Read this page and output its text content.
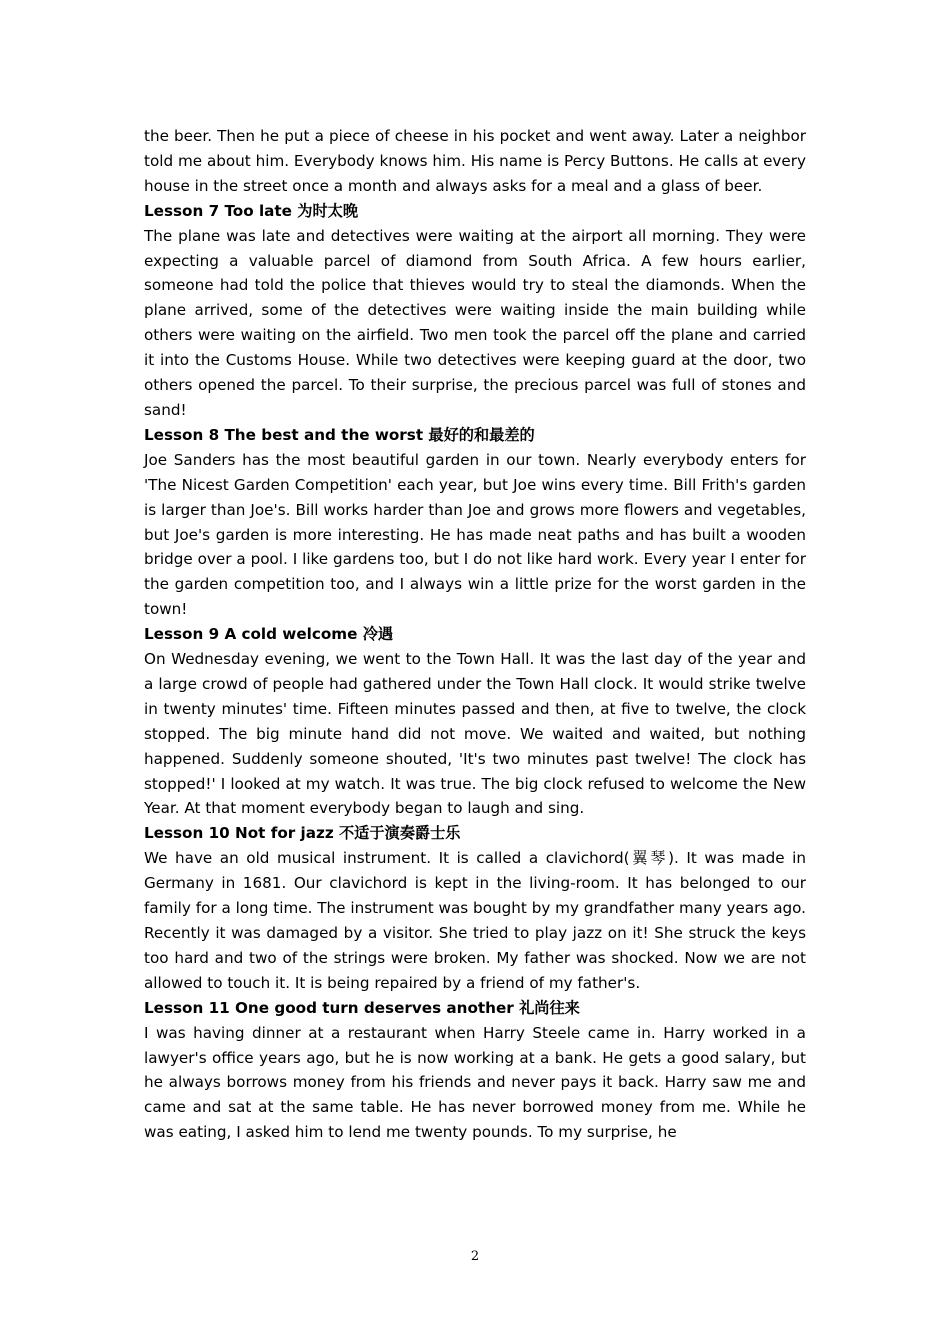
the beer. Then he put a piece of cheese in his pocket and went away. Later a neighbor told me about him. Everybody knows him. His name is Percy Buttons. He calls at every house in the street once a month and always asks for a meal and a glass of beer.

Lesson 7 Too late 为时太晚

The plane was late and detectives were waiting at the airport all morning. They were expecting a valuable parcel of diamond from South Africa. A few hours earlier, someone had told the police that thieves would try to steal the diamonds. When the plane arrived, some of the detectives were waiting inside the main building while others were waiting on the airfield. Two men took the parcel off the plane and carried it into the Customs House. While two detectives were keeping guard at the door, two others opened the parcel. To their surprise, the precious parcel was full of stones and sand!

Lesson 8 The best and the worst 最好的和最差的

Joe Sanders has the most beautiful garden in our town. Nearly everybody enters for 'The Nicest Garden Competition' each year, but Joe wins every time. Bill Frith's garden is larger than Joe's. Bill works harder than Joe and grows more flowers and vegetables, but Joe's garden is more interesting. He has made neat paths and has built a wooden bridge over a pool. I like gardens too, but I do not like hard work. Every year I enter for the garden competition too, and I always win a little prize for the worst garden in the town!

Lesson 9 A cold welcome 冷遇

On Wednesday evening, we went to the Town Hall. It was the last day of the year and a large crowd of people had gathered under the Town Hall clock. It would strike twelve in twenty minutes' time. Fifteen minutes passed and then, at five to twelve, the clock stopped. The big minute hand did not move. We waited and waited, but nothing happened. Suddenly someone shouted, 'It's two minutes past twelve! The clock has stopped!' I looked at my watch. It was true. The big clock refused to welcome the New Year. At that moment everybody began to laugh and sing.

Lesson 10 Not for jazz 不适于演奏爵士乐

We have an old musical instrument. It is called a clavichord(翼琴). It was made in Germany in 1681. Our clavichord is kept in the living-room. It has belonged to our family for a long time. The instrument was bought by my grandfather many years ago. Recently it was damaged by a visitor. She tried to play jazz on it! She struck the keys too hard and two of the strings were broken. My father was shocked. Now we are not allowed to touch it. It is being repaired by a friend of my father's.

Lesson 11 One good turn deserves another 礼尚往来

I was having dinner at a restaurant when Harry Steele came in. Harry worked in a lawyer's office years ago, but he is now working at a bank. He gets a good salary, but he always borrows money from his friends and never pays it back. Harry saw me and came and sat at the same table. He has never borrowed money from me. While he was eating, I asked him to lend me twenty pounds. To my surprise, he

2
